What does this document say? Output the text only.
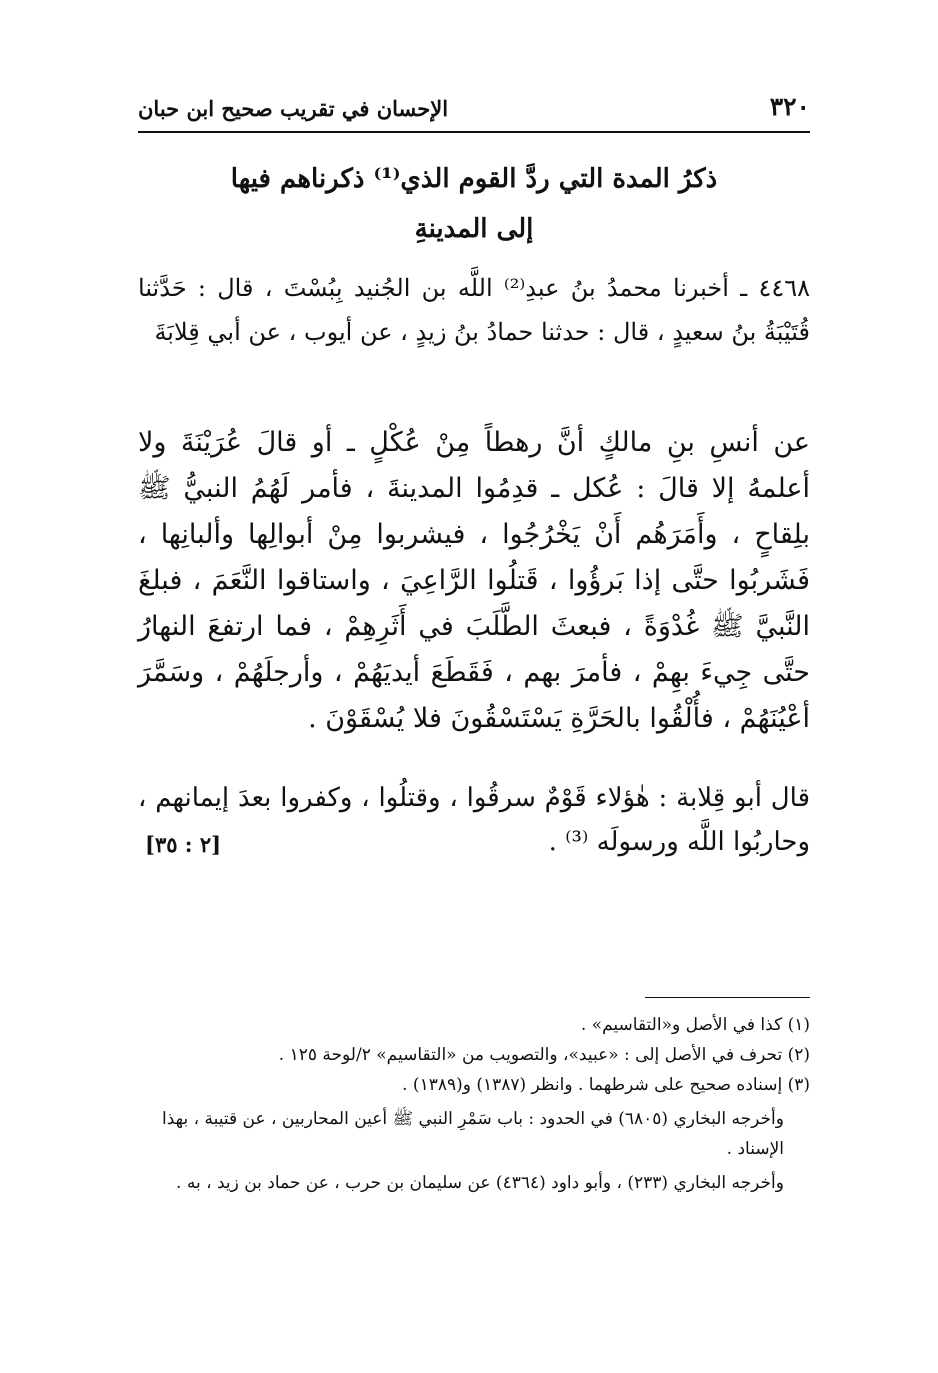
الإحسان في تقريب صحيح ابن حبان	٣٢٠
ذكرُ المدة التي ردَّ القوم الذي⁽¹⁾ ذكرناهم فيها
إلى المدينةِ
٤٤٦٨ ـ أخبرنا محمدُ بنُ عبدِ⁽²⁾ اللَّه بن الجُنيد بِبُسْتَ ، قال : حَدَّثنا قُتَيْبَةُ بنُ سعيدٍ ، قال : حدثنا حمادُ بنُ زيدٍ ، عن أيوب ، عن أبي قِلابَةَ
عن أنسِ بنِ مالكٍ أنَّ رهطاً مِنْ عُكْلٍ ـ أو قالَ عُرَيْنَةَ ولا أعلمهُ إلا قالَ : عُكل ـ قدِمُوا المدينةَ ، فأمر لَهُمُ النبيُّ ﷺ بلِقاحٍ ، وأَمَرَهُم أَنْ يَخْرُجُوا ، فيشربوا مِنْ أبوالِها وألبانِها ، فَشَربُوا حتَّى إذا بَرؤُوا ، قَتلُوا الرَّاعِيَ ، واستاقوا النَّعَمَ ، فبلغَ النَّبيَّ ﷺ غُدْوَةً ، فبعثَ الطَّلَبَ في أَثَرِهِمْ ، فما ارتفعَ النهارُ حتَّى جِيءَ بهِمْ ، فأمرَ بهم ، فَقَطَعَ أيديَهُمْ ، وأرجلَهُمْ ، وسَمَّرَ أعْيُنَهُمْ ، فأُلْقُوا بالحَرَّةِ يَسْتَسْقُونَ فلا يُسْقَوْنَ .
قال أبو قِلابة : هٰؤلاء قَوْمٌ سرقُوا ، وقتلُوا ، وكفروا بعدَ إيمانهم ، وحاربُوا اللَّه ورسولَه ⁽³⁾ .
[٢ : ٣٥]
(١) كذا في الأصل و«التقاسيم» .
(٢) تحرف في الأصل إلى : «عبيد»، والتصويب من «التقاسيم» ٢/لوحة ١٢٥ .
(٣) إسناده صحيح على شرطهما . وانظر (١٣٨٧) و(١٣٨٩) .
وأخرجه البخاري (٦٨٠٥) في الحدود : باب سَمْرِ النبي ﷺ أعين المحاربين ، عن قتيبة ، بهذا الإسناد .
وأخرجه البخاري (٢٣٣) ، وأبو داود (٤٣٦٤) عن سليمان بن حرب ، عن حماد بن زيد ، به .
